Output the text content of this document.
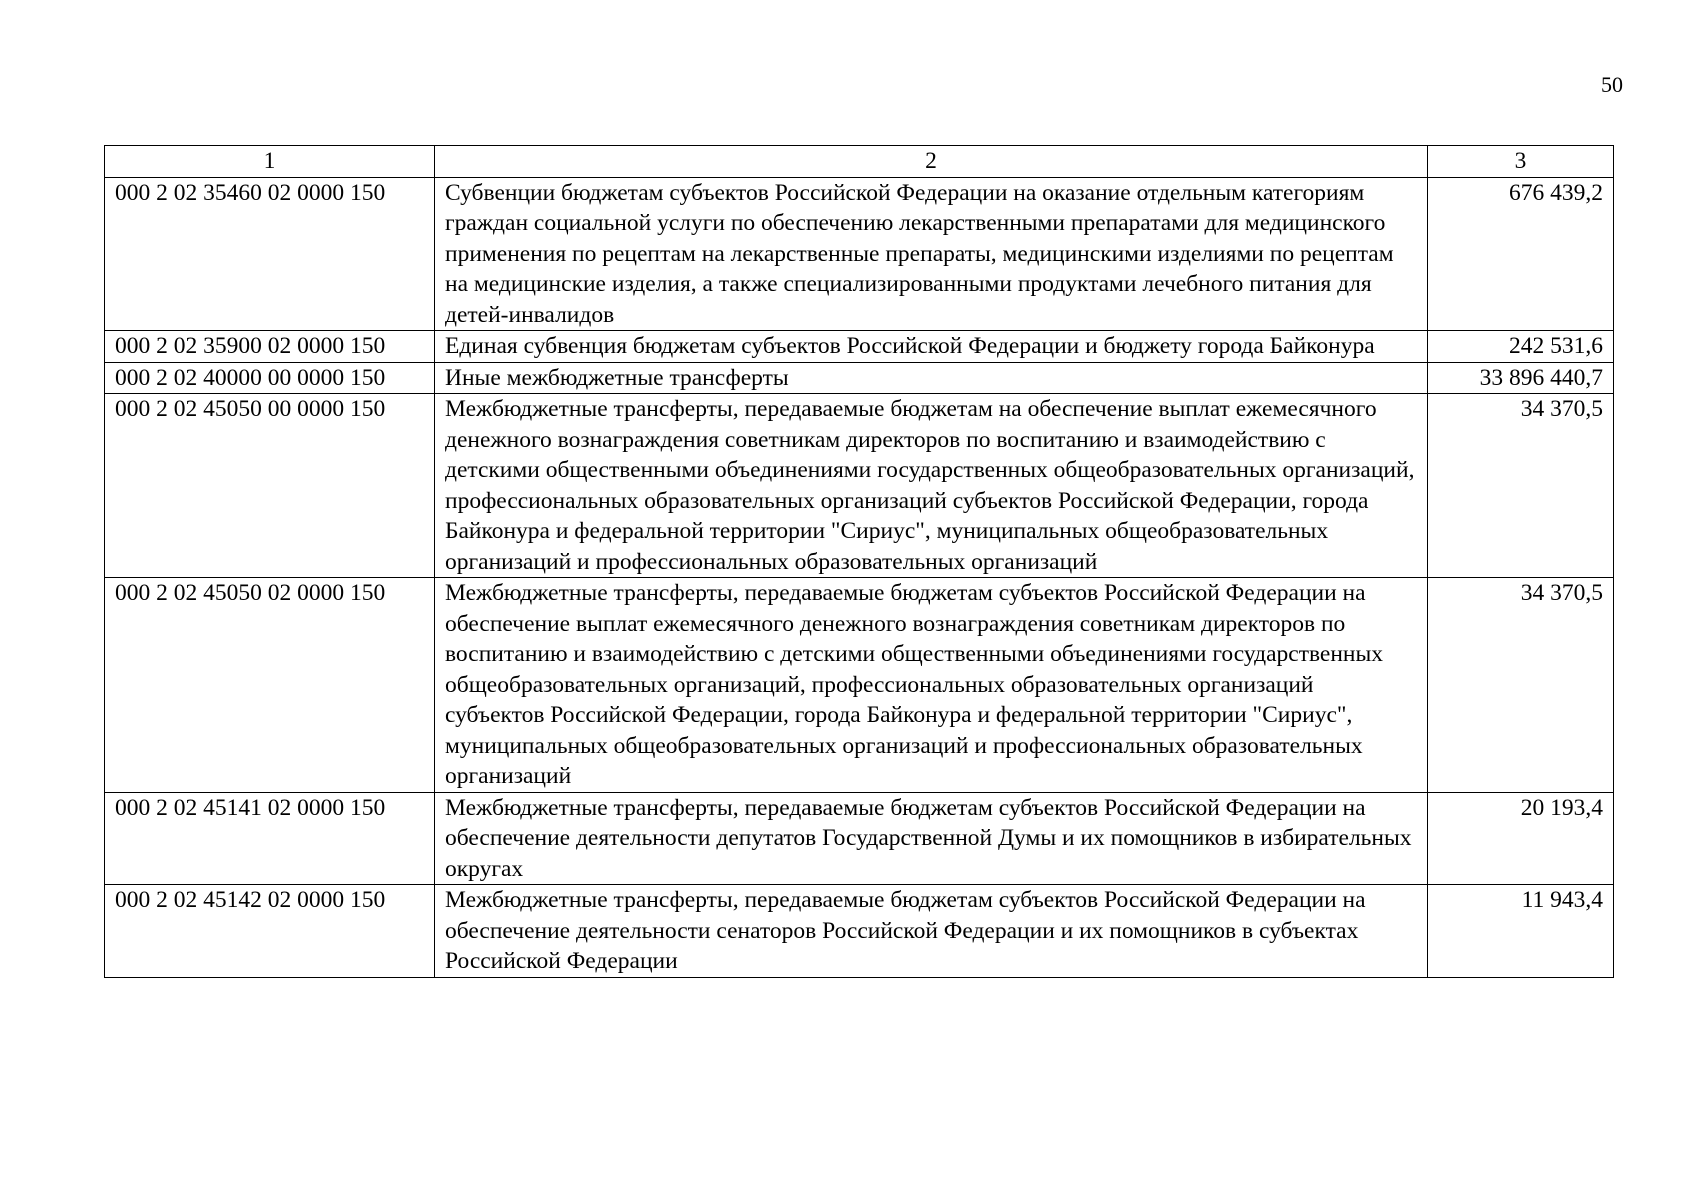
50
1	2	3
000 2 02 35460 02 0000 150	Субвенции бюджетам субъектов Российской Федерации на оказание отдельным категориям граждан социальной услуги по обеспечению лекарственными препаратами для медицинского применения по рецептам на лекарственные препараты, медицинскими изделиями по рецептам на медицинские изделия, а также специализированными продуктами лечебного питания для детей-инвалидов	676 439,2
000 2 02 35900 02 0000 150	Единая субвенция бюджетам субъектов Российской Федерации и бюджету города Байконура	242 531,6
000 2 02 40000 00 0000 150	Иные межбюджетные трансферты	33 896 440,7
000 2 02 45050 00 0000 150	Межбюджетные трансферты, передаваемые бюджетам на обеспечение выплат ежемесячного денежного вознаграждения советникам директоров по воспитанию и взаимодействию с детскими общественными объединениями государственных общеобразовательных организаций, профессиональных образовательных организаций субъектов Российской Федерации, города Байконура и федеральной территории "Сириус", муниципальных общеобразовательных организаций и профессиональных образовательных организаций	34 370,5
000 2 02 45050 02 0000 150	Межбюджетные трансферты, передаваемые бюджетам субъектов Российской Федерации на обеспечение выплат ежемесячного денежного вознаграждения советникам директоров по воспитанию и взаимодействию с детскими общественными объединениями государственных общеобразовательных организаций, профессиональных образовательных организаций субъектов Российской Федерации, города Байконура и федеральной территории "Сириус", муниципальных общеобразовательных организаций и профессиональных образовательных организаций	34 370,5
000 2 02 45141 02 0000 150	Межбюджетные трансферты, передаваемые бюджетам субъектов Российской Федерации на обеспечение деятельности депутатов Государственной Думы и их помощников в избирательных округах	20 193,4
000 2 02 45142 02 0000 150	Межбюджетные трансферты, передаваемые бюджетам субъектов Российской Федерации на обеспечение деятельности сенаторов Российской Федерации и их помощников в субъектах Российской Федерации	11 943,4
